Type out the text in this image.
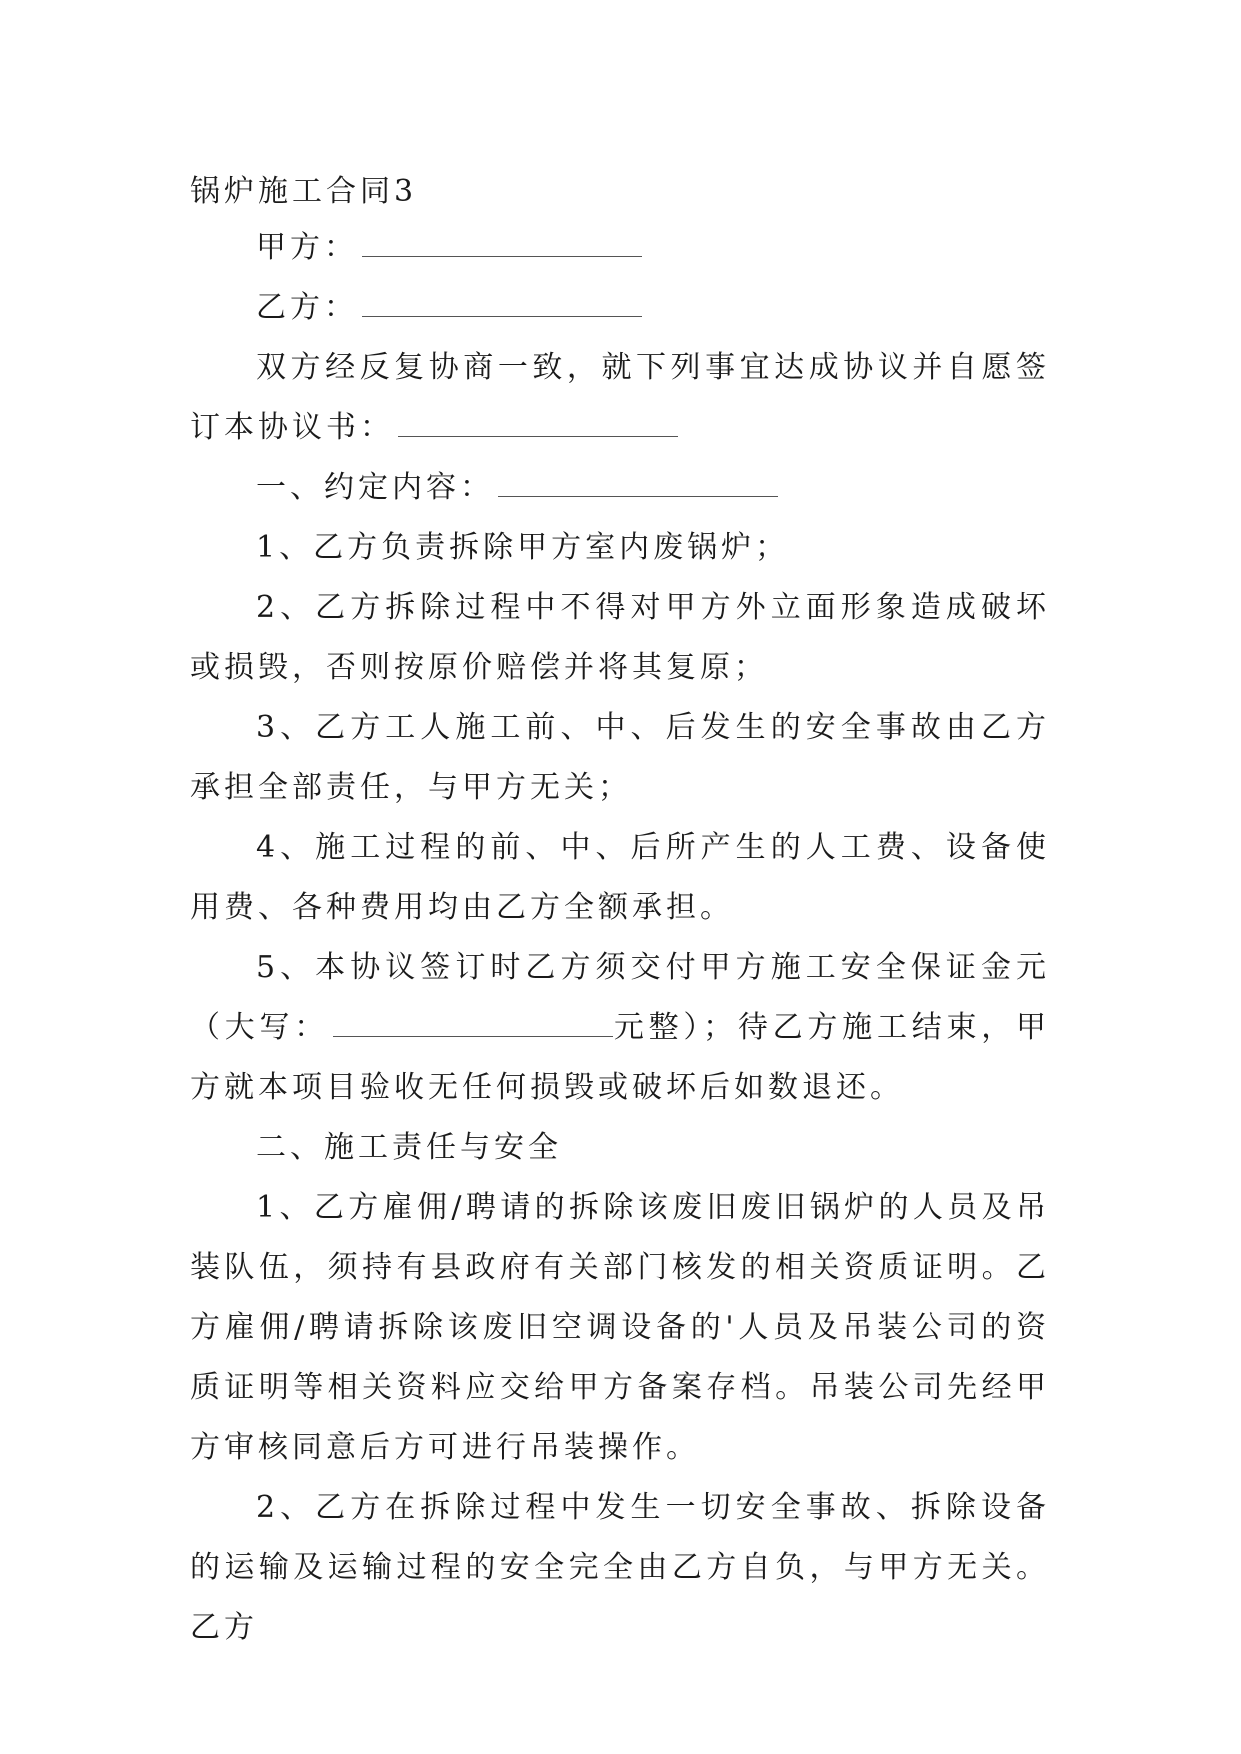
锅炉施工合同3

甲方：

乙方：

双方经反复协商一致，就下列事宜达成协议并自愿签订本协议书：

一、约定内容：

1、乙方负责拆除甲方室内废锅炉；

2、乙方拆除过程中不得对甲方外立面形象造成破坏或损毁，否则按原价赔偿并将其复原；

3、乙方工人施工前、中、后发生的安全事故由乙方承担全部责任，与甲方无关；

4、施工过程的前、中、后所产生的人工费、设备使用费、各种费用均由乙方全额承担。

5、本协议签订时乙方须交付甲方施工安全保证金元（大写：	元整）；待乙方施工结束，甲方就本项目验收无任何损毁或破坏后如数退还。

二、施工责任与安全

1、乙方雇佣/聘请的拆除该废旧废旧锅炉的人员及吊装队伍，须持有县政府有关部门核发的相关资质证明。乙方雇佣/聘请拆除该废旧空调设备的'人员及吊装公司的资质证明等相关资料应交给甲方备案存档。吊装公司先经甲方审核同意后方可进行吊装操作。

2、乙方在拆除过程中发生一切安全事故、拆除设备的运输及运输过程的安全完全由乙方自负，与甲方无关。乙方
